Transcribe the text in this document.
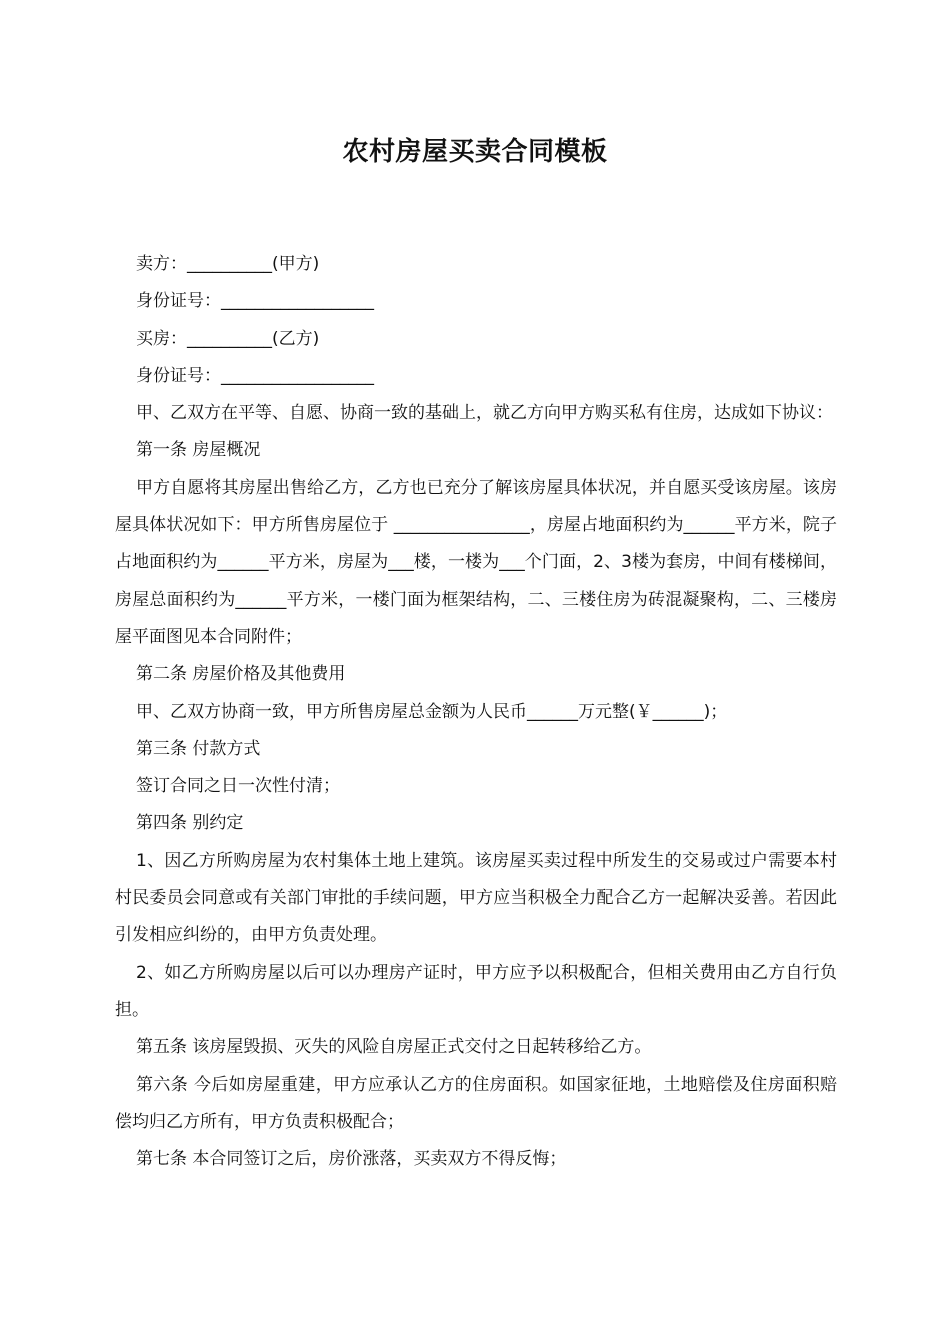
农村房屋买卖合同模板

卖方：__________(甲方)

身份证号：__________________

买房：__________(乙方)

身份证号：__________________

甲、乙双方在平等、自愿、协商一致的基础上，就乙方向甲方购买私有住房，达成如下协议：

第一条 房屋概况

甲方自愿将其房屋出售给乙方，乙方也已充分了解该房屋具体状况，并自愿买受该房屋。该房屋具体状况如下：甲方所售房屋位于 ________________，房屋占地面积约为______平方米，院子占地面积约为______平方米，房屋为___楼，一楼为___个门面，2、3楼为套房，中间有楼梯间，房屋总面积约为______平方米，一楼门面为框架结构，二、三楼住房为砖混凝聚构，二、三楼房屋平面图见本合同附件；

第二条 房屋价格及其他费用

甲、乙双方协商一致，甲方所售房屋总金额为人民币______万元整(￥______)；

第三条 付款方式

签订合同之日一次性付清；

第四条 别约定

1、因乙方所购房屋为农村集体土地上建筑。该房屋买卖过程中所发生的交易或过户需要本村村民委员会同意或有关部门审批的手续问题，甲方应当积极全力配合乙方一起解决妥善。若因此引发相应纠纷的，由甲方负责处理。

2、如乙方所购房屋以后可以办理房产证时，甲方应予以积极配合，但相关费用由乙方自行负担。

第五条 该房屋毁损、灭失的风险自房屋正式交付之日起转移给乙方。

第六条 今后如房屋重建，甲方应承认乙方的住房面积。如国家征地，土地赔偿及住房面积赔偿均归乙方所有，甲方负责积极配合；

第七条 本合同签订之后，房价涨落，买卖双方不得反悔；
